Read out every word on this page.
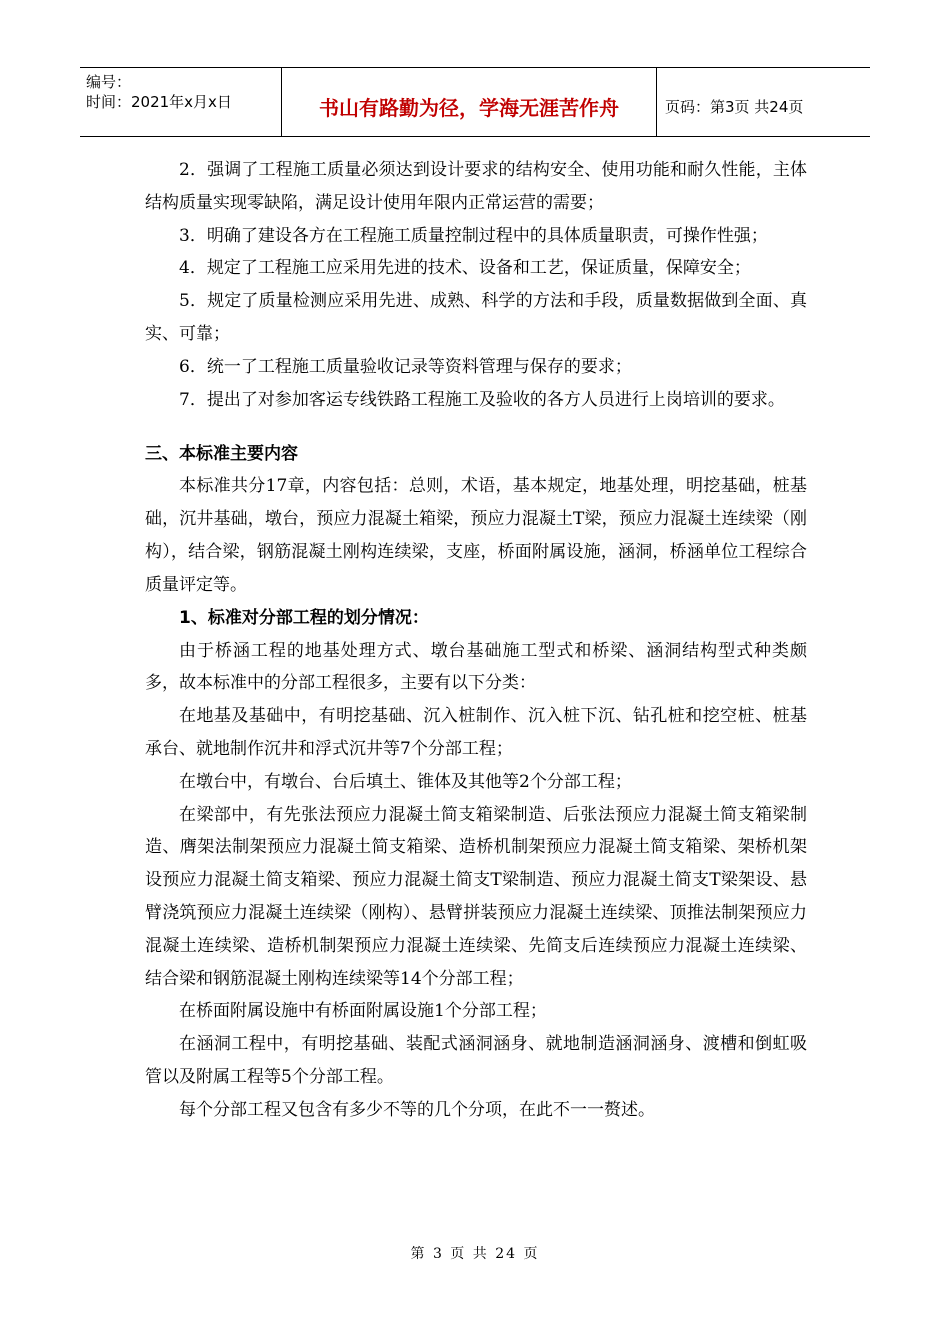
编号：
时间：2021年x月x日	书山有路勤为径，学海无涯苦作舟	页码：第3页 共24页

2．强调了工程施工质量必须达到设计要求的结构安全、使用功能和耐久性能，主体结构质量实现零缺陷，满足设计使用年限内正常运营的需要；

3．明确了建设各方在工程施工质量控制过程中的具体质量职责，可操作性强；

4．规定了工程施工应采用先进的技术、设备和工艺，保证质量，保障安全；

5．规定了质量检测应采用先进、成熟、科学的方法和手段，质量数据做到全面、真实、可靠；

6．统一了工程施工质量验收记录等资料管理与保存的要求；

7．提出了对参加客运专线铁路工程施工及验收的各方人员进行上岗培训的要求。

三、本标准主要内容

本标准共分17章，内容包括：总则，术语，基本规定，地基处理，明挖基础，桩基础，沉井基础，墩台，预应力混凝土箱梁，预应力混凝土T梁，预应力混凝土连续梁（刚构），结合梁，钢筋混凝土刚构连续梁，支座，桥面附属设施，涵洞，桥涵单位工程综合质量评定等。

1、标准对分部工程的划分情况：

由于桥涵工程的地基处理方式、墩台基础施工型式和桥梁、涵洞结构型式种类颇多，故本标准中的分部工程很多，主要有以下分类：

在地基及基础中，有明挖基础、沉入桩制作、沉入桩下沉、钻孔桩和挖空桩、桩基承台、就地制作沉井和浮式沉井等7个分部工程；

在墩台中，有墩台、台后填土、锥体及其他等2个分部工程；

在梁部中，有先张法预应力混凝土简支箱梁制造、后张法预应力混凝土简支箱梁制造、膺架法制架预应力混凝土简支箱梁、造桥机制架预应力混凝土简支箱梁、架桥机架设预应力混凝土简支箱梁、预应力混凝土简支T梁制造、预应力混凝土简支T梁架设、悬臂浇筑预应力混凝土连续梁（刚构）、悬臂拼装预应力混凝土连续梁、顶推法制架预应力混凝土连续梁、造桥机制架预应力混凝土连续梁、先简支后连续预应力混凝土连续梁、结合梁和钢筋混凝土刚构连续梁等14个分部工程；

在桥面附属设施中有桥面附属设施1个分部工程；

在涵洞工程中，有明挖基础、装配式涵洞涵身、就地制造涵洞涵身、渡槽和倒虹吸管以及附属工程等5个分部工程。

每个分部工程又包含有多少不等的几个分项，在此不一一赘述。

第 3 页 共 24 页
